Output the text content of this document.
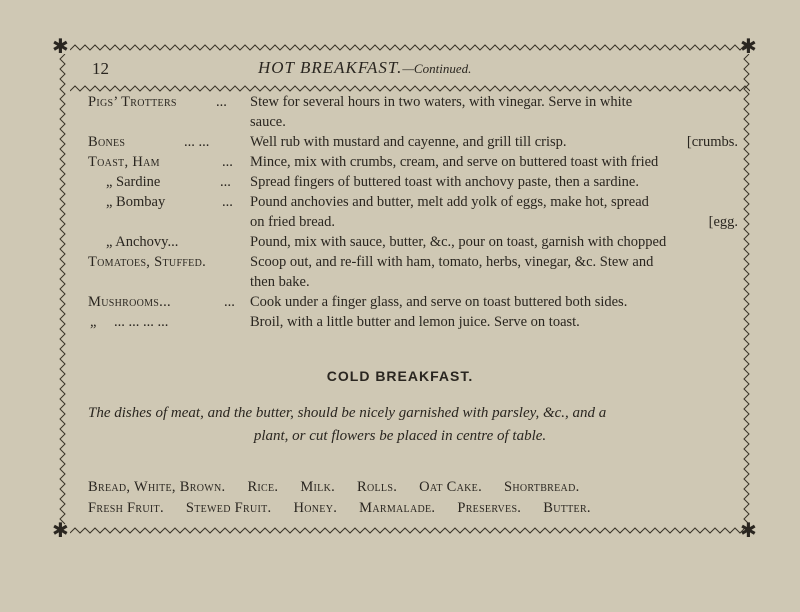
✱	✱
✱	✱
12	HOT BREAKFAST.—Continued.
Pigs’ Trotters	... Stew for several hours in two waters, with vinegar. Serve in white
sauce.
Bones	... ...	Well rub with mustard and cayenne, and grill till crisp.	[crumbs.
Toast, Ham	... Mince, mix with crumbs, cream, and serve on buttered toast with fried
„ Sardine	... Spread fingers of buttered toast with anchovy paste, then a sardine.
„ Bombay	... Pound anchovies and butter, melt add yolk of eggs, make hot, spread
on fried bread.	[egg.
„ Anchovy...	Pound, mix with sauce, butter, &c., pour on toast, garnish with chopped
Tomatoes, Stuffed.	Scoop out, and re-fill with ham, tomato, herbs, vinegar, &c. Stew and
then bake.
Mushrooms...	... Cook under a finger glass, and serve on toast buttered both sides.
„ ... ... ... ...	Broil, with a little butter and lemon juice. Serve on toast.
COLD BREAKFAST.
The dishes of meat, and the butter, should be nicely garnished with parsley, &c., and a
plant, or cut flowers be placed in centre of table.
Bread, White, Brown. Rice. Milk. Rolls. Oat Cake. Shortbread.
Fresh Fruit. Stewed Fruit. Honey. Marmalade. Preserves. Butter.
